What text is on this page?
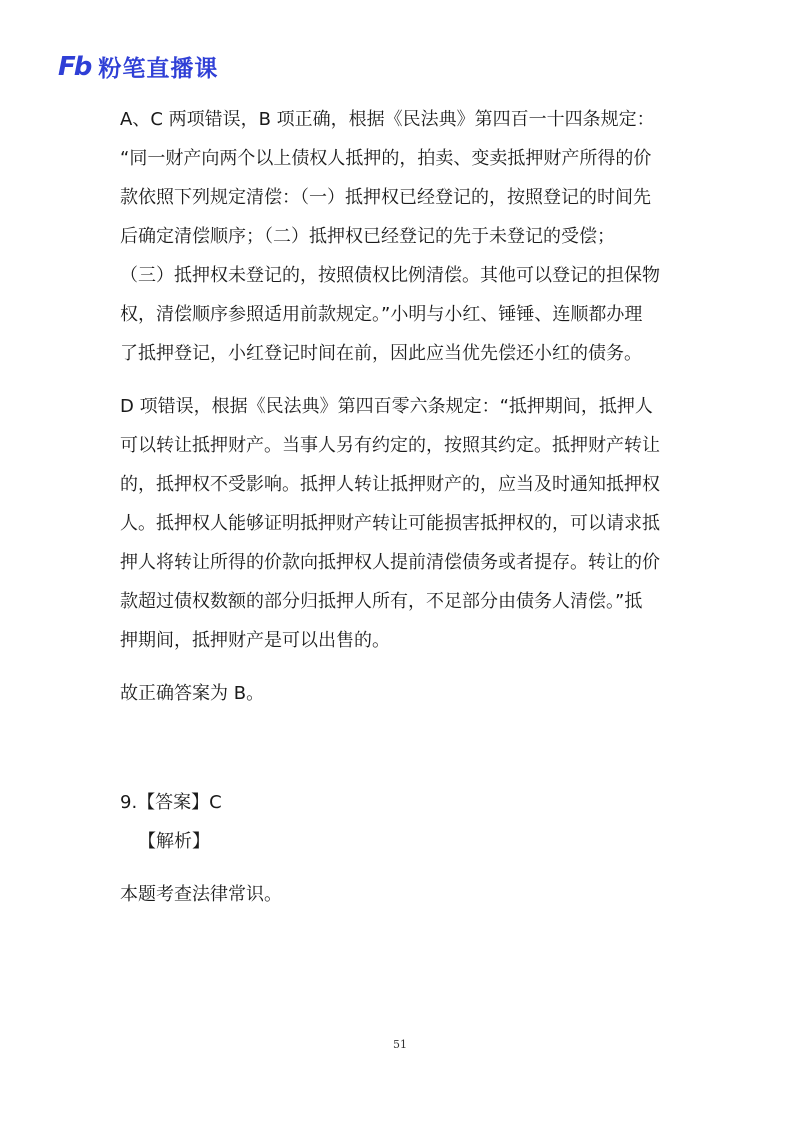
Fb 粉笔直播课

A、C 两项错误，B 项正确，根据《民法典》第四百一十四条规定：

“同一财产向两个以上债权人抵押的，拍卖、变卖抵押财产所得的价

款依照下列规定清偿：（一）抵押权已经登记的，按照登记的时间先

后确定清偿顺序；（二）抵押权已经登记的先于未登记的受偿；

（三）抵押权未登记的，按照债权比例清偿。其他可以登记的担保物

权，清偿顺序参照适用前款规定。”小明与小红、锤锤、连顺都办理

了抵押登记，小红登记时间在前，因此应当优先偿还小红的债务。

D 项错误，根据《民法典》第四百零六条规定：“抵押期间，抵押人

可以转让抵押财产。当事人另有约定的，按照其约定。抵押财产转让

的，抵押权不受影响。抵押人转让抵押财产的，应当及时通知抵押权

人。抵押权人能够证明抵押财产转让可能损害抵押权的，可以请求抵

押人将转让所得的价款向抵押权人提前清偿债务或者提存。转让的价

款超过债权数额的部分归抵押人所有，不足部分由债务人清偿。”抵

押期间，抵押财产是可以出售的。

故正确答案为 B。

9.【答案】C

【解析】

本题考查法律常识。

51
